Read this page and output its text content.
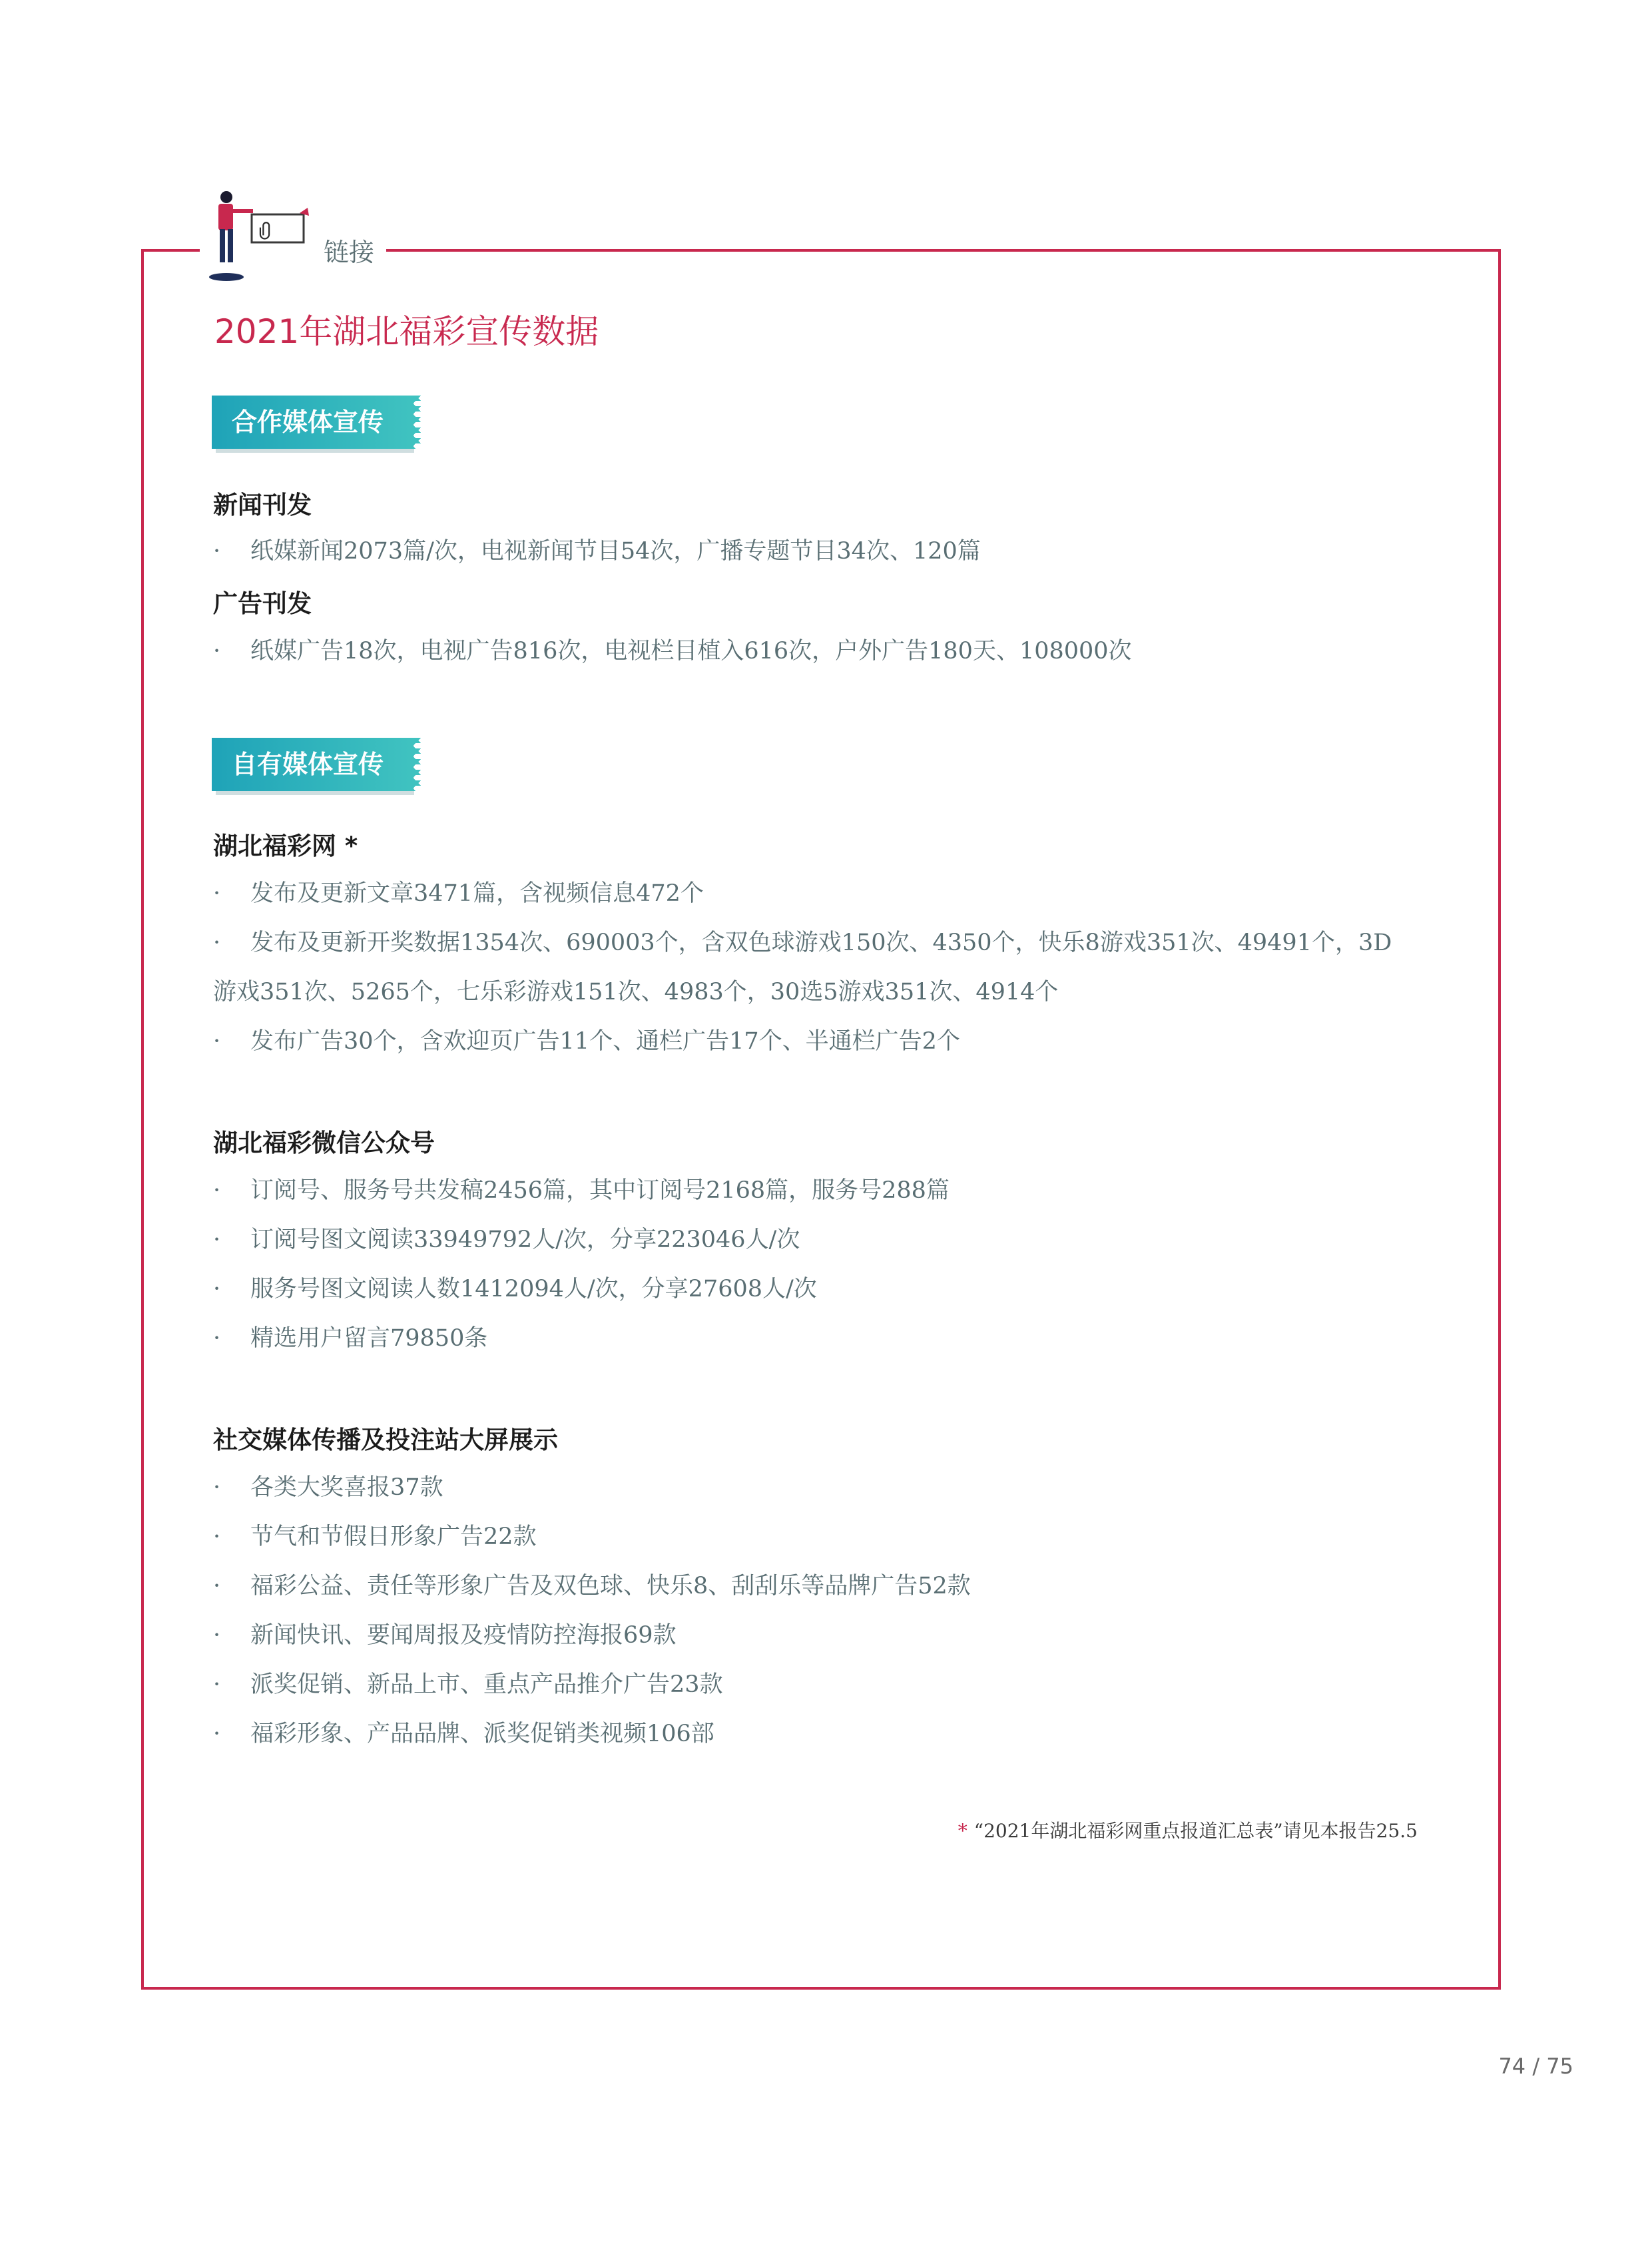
链接
2021年湖北福彩宣传数据
合作媒体宣传
新闻刊发
· 纸媒新闻2073篇/次，电视新闻节目54次，广播专题节目34次、120篇
广告刊发
· 纸媒广告18次，电视广告816次，电视栏目植入616次，户外广告180天、108000次
自有媒体宣传
湖北福彩网 *
· 发布及更新文章3471篇，含视频信息472个
· 发布及更新开奖数据1354次、690003个，含双色球游戏150次、4350个，快乐8游戏351次、49491个，3D
游戏351次、5265个，七乐彩游戏151次、4983个，30选5游戏351次、4914个
· 发布广告30个，含欢迎页广告11个、通栏广告17个、半通栏广告2个
湖北福彩微信公众号
· 订阅号、服务号共发稿2456篇，其中订阅号2168篇，服务号288篇
· 订阅号图文阅读33949792人/次，分享223046人/次
· 服务号图文阅读人数1412094人/次，分享27608人/次
· 精选用户留言79850条
社交媒体传播及投注站大屏展示
· 各类大奖喜报37款
· 节气和节假日形象广告22款
· 福彩公益、责任等形象广告及双色球、快乐8、刮刮乐等品牌广告52款
· 新闻快讯、要闻周报及疫情防控海报69款
· 派奖促销、新品上市、重点产品推介广告23款
· 福彩形象、产品品牌、派奖促销类视频106部
* “2021年湖北福彩网重点报道汇总表”请见本报告25.5
74 / 75
